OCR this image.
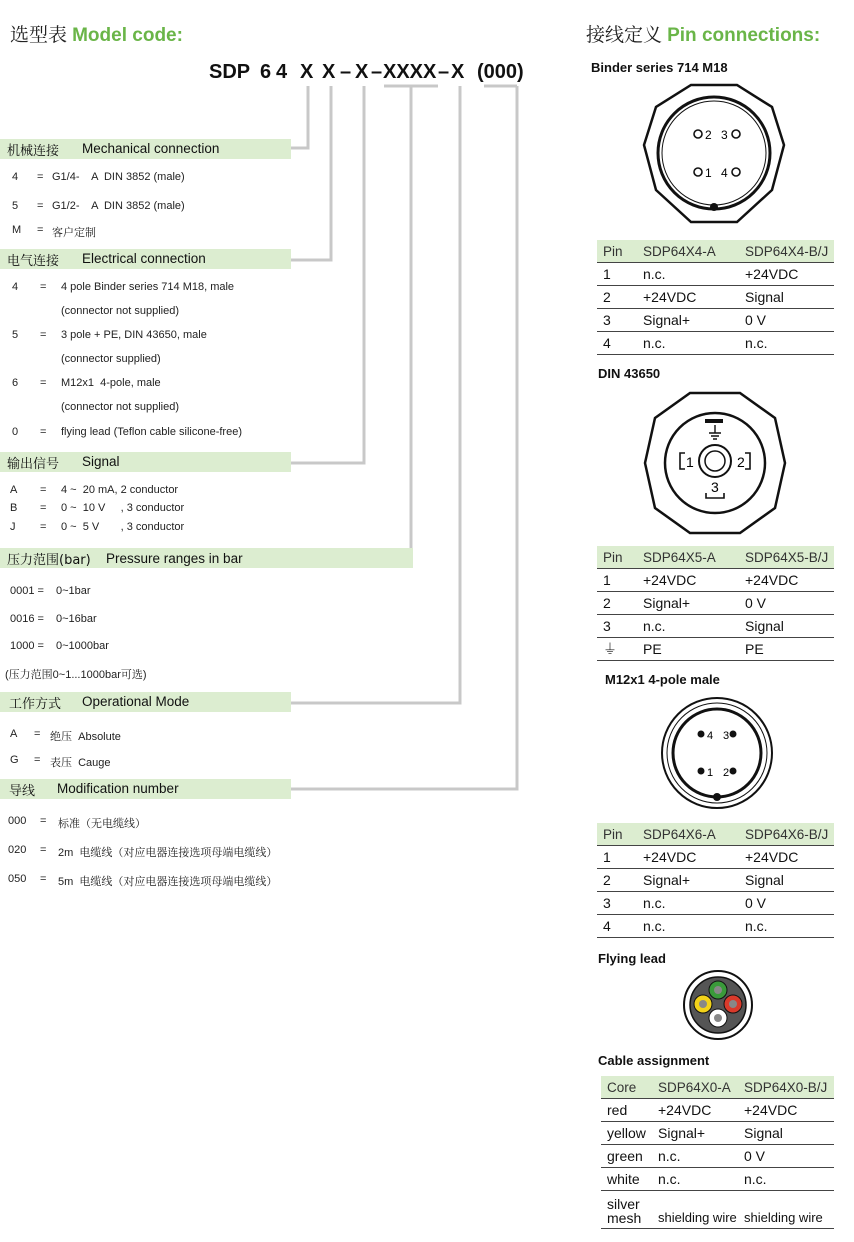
选型表 Model code:	接线定义 Pin connections:
SDP 6 4 X X – X – XXXX – X (000)
机械连接 Mechanical connection

4 = G1/4-    A  DIN 3852 (male)

5 = G1/2-    A  DIN 3852 (male)

M = 客户定制

电气连接 Electrical connection

4 = 4 pole Binder series 714 M18, male

(connector not supplied)

5 = 3 pole + PE, DIN 43650, male

(connector supplied)

6 = M12x1  4-pole, male

(connector not supplied)

0 = flying lead (Teflon cable silicone-free)

输出信号 Signal

A = 4 ~  20 mA, 2 conductor

B = 0 ~  10 V     , 3 conductor

J = 0 ~  5 V       , 3 conductor

压力范围(bar) Pressure ranges in bar

0001 = 0~1bar

0016 = 0~16bar

1000 = 0~1000bar

(压力范围0~1...1000bar可选)

工作方式 Operational Mode

A = 绝压  Absolute

G = 表压  Cauge

导线 Modification number

000 = 标准（无电缆线）

020 = 2m  电缆线（对应电器连接选项母端电缆线）

050 = 5m  电缆线（对应电器连接选项母端电缆线）

Binder series 714 M18
2 3
1 4
Pin	SDP64X4-A	SDP64X4-B/J
1	n.c.	+24VDC
2	+24VDC	Signal
3	Signal+	0 V
4	n.c.	n.c.
DIN 43650
1	2
3
Pin	SDP64X5-A	SDP64X5-B/J
1	+24VDC	+24VDC
2	Signal+	0 V
3	n.c.	Signal
⏚	PE	PE
M12x1 4-pole male
4 3
1 2
Pin	SDP64X6-A	SDP64X6-B/J
1	+24VDC	+24VDC
2	Signal+	Signal
3	n.c.	0 V
4	n.c.	n.c.
Flying lead
Cable assignment
Core	SDP64X0-A	SDP64X0-B/J
red	+24VDC	+24VDC
yellow	Signal+	Signal
green	n.c.	0 V
white	n.c.	n.c.
silver
mesh	shielding wire	shielding wire
